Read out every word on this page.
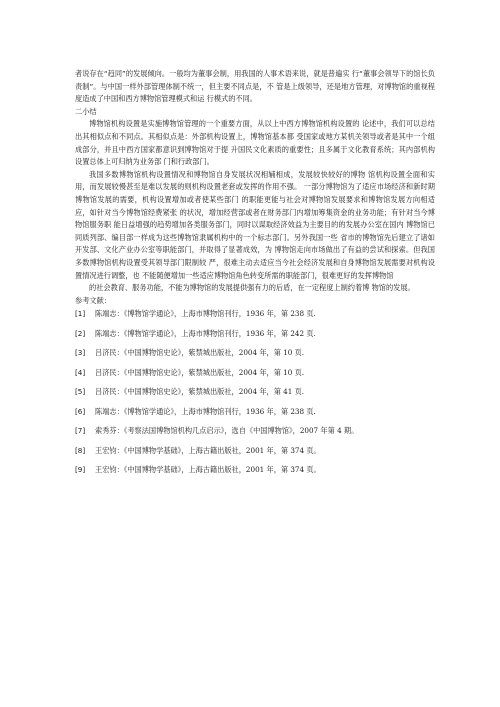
者说存在“趋同”的发展倾向。一般均为董事会制，用我国的人事术语来说，就是普遍实 行“董事会领导下的馆长负责制”。与中国一样外部管理体制不统一，但主要不同点是，不 管是上级领导，还是地方管理，对博物馆的重视程度造成了中国和西方博物馆管理模式和运 行模式的不同。

二小结

博物馆机构设置是实施博物馆管理的一个重要方面，从以上中西方博物馆机构设置的 论述中，我们可以总结出其相似点和不同点。其相似点是：外部机构设置上，博物馆基本都 受国家或地方某机关领导或者是其中一个组成部分，并且中西方国家都意识到博物馆对于提 升国民文化素质的重要性；且多属于文化教育系统；其内部机构设置总体上可归纳为业务部 门和行政部门。

我国多数博物馆机构设置情况和博物馆自身发展状况相辅相成，发展较快较好的博物 馆机构设置全面和实用，而发展较慢甚至是难以发展的则机构设置老套或发挥的作用不强。 一部分博物馆为了适应市场经济和新时期博物馆发展的需要，机构设置增加或者使某些部门 的职能更能与社会对博物馆发展要求和博物馆发展方向相适应，如针对当今博物馆经费紧张 的状况，增加经营部或者在财务部门内增加筹集资金的业务功能；有针对当今博物馆服务职 能日益增强的趋势增加各类服务部门，同时以谋取经济效益为主要目的的发展办公室在国内 博物馆已同质列部、编目部一样成为这些博物馆隶属机构中的一个标志部门。另外我国一些 省市的博物馆先后建立了诸如开发部、文化产业办公室等职能部门，并取得了显著成效，为 博物馆走向市场做出了有益的尝试和探索。但我国多数博物馆机构设置受其领导部门限制较 严，很难主动去适应当今社会经济发展和自身博物馆发展需要对机构设置情况进行调整，也 不能随便增加一些适应博物馆角色转变所需的职能部门，很难更好的发挥博物馆

的社会教育、服务功能，不能为博物馆的发展提供强有力的后盾，在一定程度上制约着博 物馆的发展。

参考文献：

[1]	陈端志：《博物馆学通论》，上海市博物馆刊行，1936 年，第 238 页.
[2]	陈端志：《博物馆学通论》，上海市博物馆刊行，1936 年，第 242 页.
[3]	吕济民：《中国博物馆史论》，紫禁城出版社，2004 年，第 10 页.
[4]	吕济民：《中国博物馆史论》，紫禁城出版社，2004 年，第 10 页.
[5]	吕济民：《中国博物馆史论》，紫禁城出版社，2004 年，第 41 页.
[6]	陈端志：《博物馆学通论》，上海市博物馆刊行，1936 年，第 238 页.
[7]	索秀芬：《考察法国博物馆机构几点启示》，选自《中国博物馆》，2007 年第 4 期。
[8]	王宏钧：《中国博物学基础》，上海古籍出版社，2001 年，第 374 页。
[9]	王宏钧：《中国博物学基础》，上海古籍出版社，2001 年，第 374 页。
